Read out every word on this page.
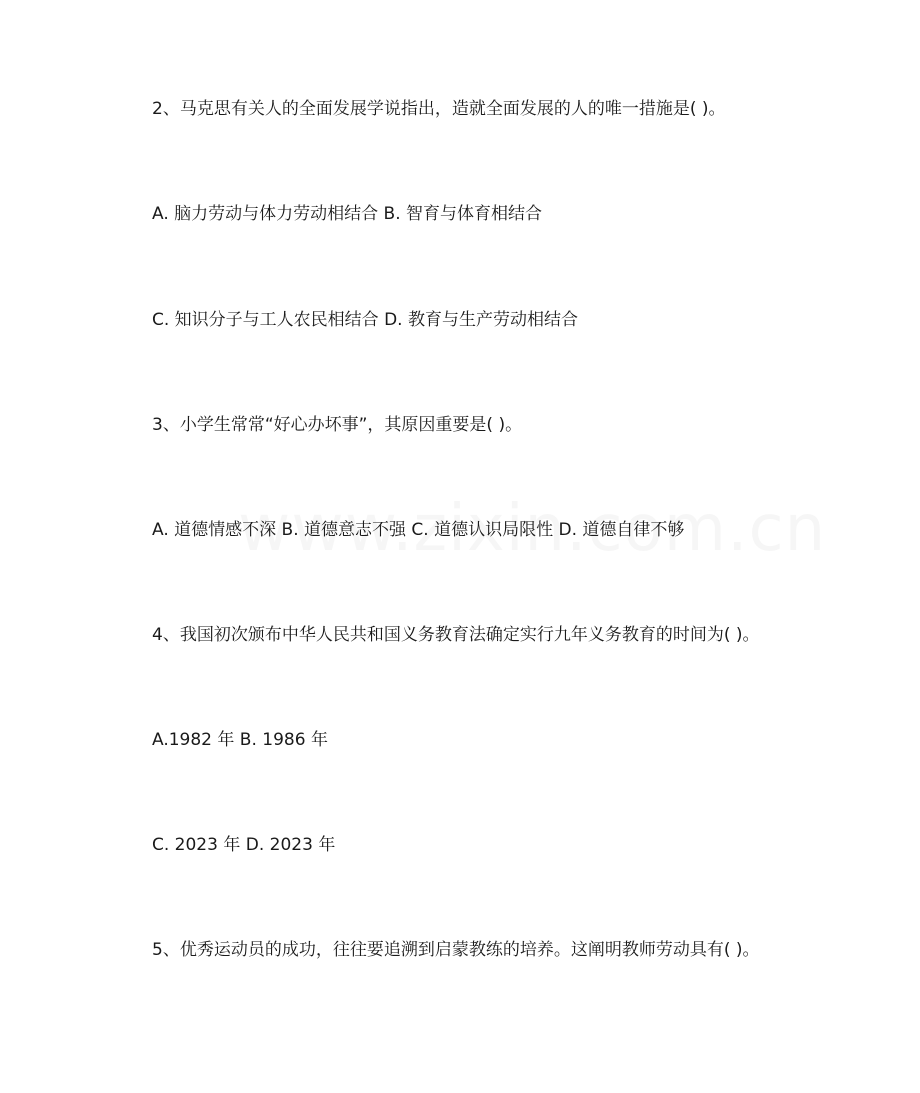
2、马克思有关人的全面发展学说指出，造就全面发展的人的唯一措施是( )。
A. 脑力劳动与体力劳动相结合 B. 智育与体育相结合
C. 知识分子与工人农民相结合 D. 教育与生产劳动相结合
3、小学生常常“好心办坏事”，其原因重要是( )。
A. 道德情感不深 B. 道德意志不强 C. 道德认识局限性 D. 道德自律不够
4、我国初次颁布中华人民共和国义务教育法确定实行九年义务教育的时间为( )。
A.1982 年 B. 1986 年
C. 2023 年 D. 2023 年
5、优秀运动员的成功，往往要追溯到启蒙教练的培养。这阐明教师劳动具有( )。
